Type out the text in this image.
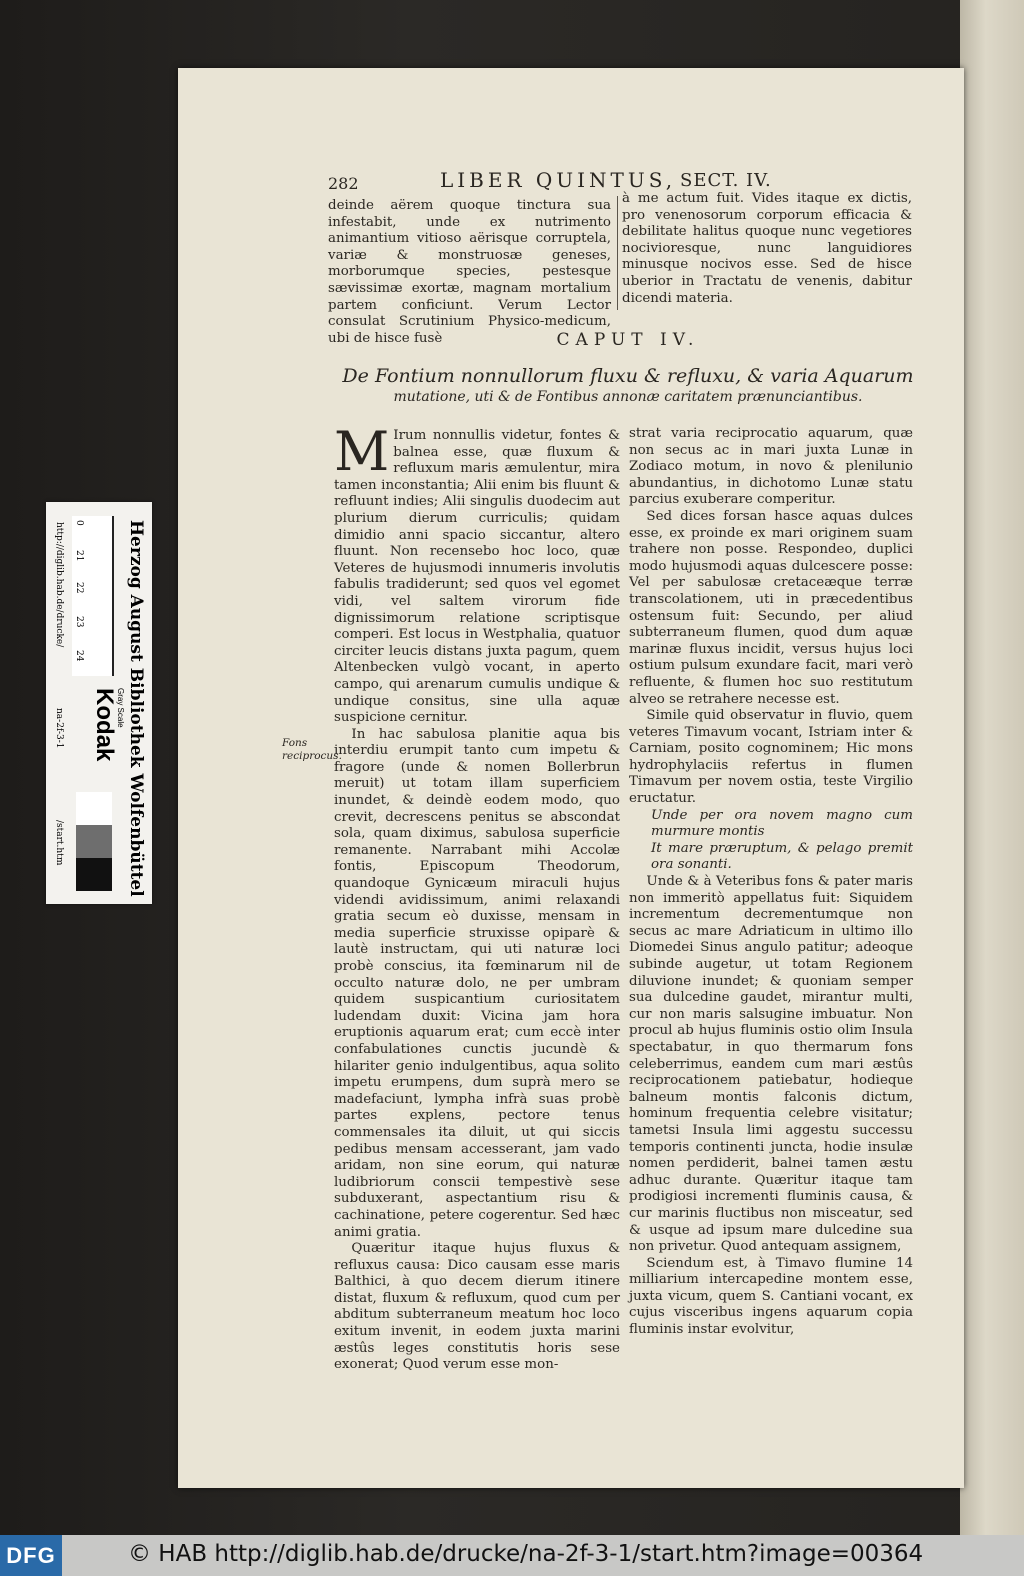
282	LIBER QUINTUS, SECT. IV.

deinde aërem quoque tinctura sua infestabit, unde ex nutrimento animantium vitioso aërisque corruptela, variæ & monstruosæ geneses, morborumque species, pestesque sævissimæ exortæ, magnam mortalium partem conficiunt. Verum Lector consulat Scrutinium Physico-medicum, ubi de hisce fusè

à me actum fuit. Vides itaque ex dictis, pro venenosorum corporum efficacia & debilitate halitus quoque nunc vegetiores nocivioresque, nunc languidiores minusque nocivos esse. Sed de hisce uberior in Tractatu de venenis, dabitur dicendi materia.

CAPUT IV.
De Fontium nonnullorum fluxu & refluxu, & varia Aquarum
mutatione, uti & de Fontibus annonæ caritatem prænunciantibus.
Fons reciprocus.

M Irum nonnullis videtur, fontes & balnea esse, quæ fluxum & refluxum maris æmulentur, mira tamen inconstantia; Alii enim bis fluunt & refluunt indies; Alii singulis duodecim aut plurium dierum curriculis; quidam dimidio anni spacio siccantur, altero fluunt. Non recensebo hoc loco, quæ Veteres de hujusmodi innumeris involutis fabulis tradiderunt; sed quos vel egomet vidi, vel saltem virorum fide dignissimorum relatione scriptisque comperi. Est locus in Westphalia, quatuor circiter leucis distans juxta pagum, quem Altenbecken vulgò vocant, in aperto campo, qui arenarum cumulis undique & undique consitus, sine ulla aquæ suspicione cernitur.

In hac sabulosa planitie aqua bis interdiu erumpit tanto cum impetu & fragore (unde & nomen Bollerbrun meruit) ut totam illam superficiem inundet, & deindè eodem modo, quo crevit, decrescens penitus se abscondat sola, quam diximus, sabulosa superficie remanente. Narrabant mihi Accolæ fontis, Episcopum Theodorum, quandoque Gynicæum miraculi hujus videndi avidissimum, animi relaxandi gratia secum eò duxisse, mensam in media superficie struxisse opiparè & lautè instructam, qui uti naturæ loci probè conscius, ita fœminarum nil de occulto naturæ dolo, ne per umbram quidem suspicantium curiositatem ludendam duxit: Vicina jam hora eruptionis aquarum erat; cum eccè inter confabulationes cunctis jucundè & hilariter genio indulgentibus, aqua solito impetu erumpens, dum suprà mero se madefaciunt, lympha infrà suas probè partes explens, pectore tenus commensales ita diluit, ut qui siccis pedibus mensam accesserant, jam vado aridam, non sine eorum, qui naturæ ludibriorum conscii tempestivè sese subduxerant, aspectantium risu & cachinatione, petere cogerentur. Sed hæc animi gratia.

Quæritur itaque hujus fluxus & refluxus causa: Dico causam esse maris Balthici, à quo decem dierum itinere distat, fluxum & refluxum, quod cum per abditum subterraneum meatum hoc loco exitum invenit, in eodem juxta marini æstûs leges constitutis horis sese exonerat; Quod verum esse mon-

strat varia reciprocatio aquarum, quæ non secus ac in mari juxta Lunæ in Zodiaco motum, in novo & plenilunio abundantius, in dichotomo Lunæ statu parcius exuberare comperitur.

Sed dices forsan hasce aquas dulces esse, ex proinde ex mari originem suam trahere non posse. Respondeo, duplici modo hujusmodi aquas dulcescere posse: Vel per sabulosæ cretaceæque terræ transcolationem, uti in præcedentibus ostensum fuit: Secundo, per aliud subterraneum flumen, quod dum aquæ marinæ fluxus incidit, versus hujus loci ostium pulsum exundare facit, mari verò refluente, & flumen hoc suo restitutum alveo se retrahere necesse est.

Simile quid observatur in fluvio, quem veteres Timavum vocant, Istriam inter & Carniam, posito cognominem; Hic mons hydrophylaciis refertus in flumen Timavum per novem ostia, teste Virgilio eructatur.

Unde per ora novem magno cum murmure montis

It mare præruptum, & pelago premit ora sonanti.

Unde & à Veteribus fons & pater maris non immeritò appellatus fuit: Siquidem incrementum decrementumque non secus ac mare Adriaticum in ultimo illo Diomedei Sinus angulo patitur; adeoque subinde augetur, ut totam Regionem diluvione inundet; & quoniam semper sua dulcedine gaudet, mirantur multi, cur non maris salsugine imbuatur. Non procul ab hujus fluminis ostio olim Insula spectabatur, in quo thermarum fons celeberrimus, eandem cum mari æstûs reciprocationem patiebatur, hodieque balneum montis falconis dictum, hominum frequentia celebre visitatur; tametsi Insula limi aggestu successu temporis continenti juncta, hodie insulæ nomen perdiderit, balnei tamen æstu adhuc durante. Quæritur itaque tam prodigiosi incrementi fluminis causa, & cur marinis fluctibus non misceatur, sed & usque ad ipsum mare dulcedine sua non privetur. Quod antequam assignem,

Sciendum est, à Timavo flumine 14 milliarium intercapedine montem esse, juxta vicum, quem S. Cantiani vocant, ex cujus visceribus ingens aquarum copia fluminis instar evolvitur,

0
21
22
23
24 Herzog August Bibliothek Wolfenbüttel
http://diglib.hab.de/drucke/
na-2f-3-1
/start.htm
Kodak
Gray Scale
DFG	© HAB http://diglib.hab.de/drucke/na-2f-3-1/start.htm?image=00364
